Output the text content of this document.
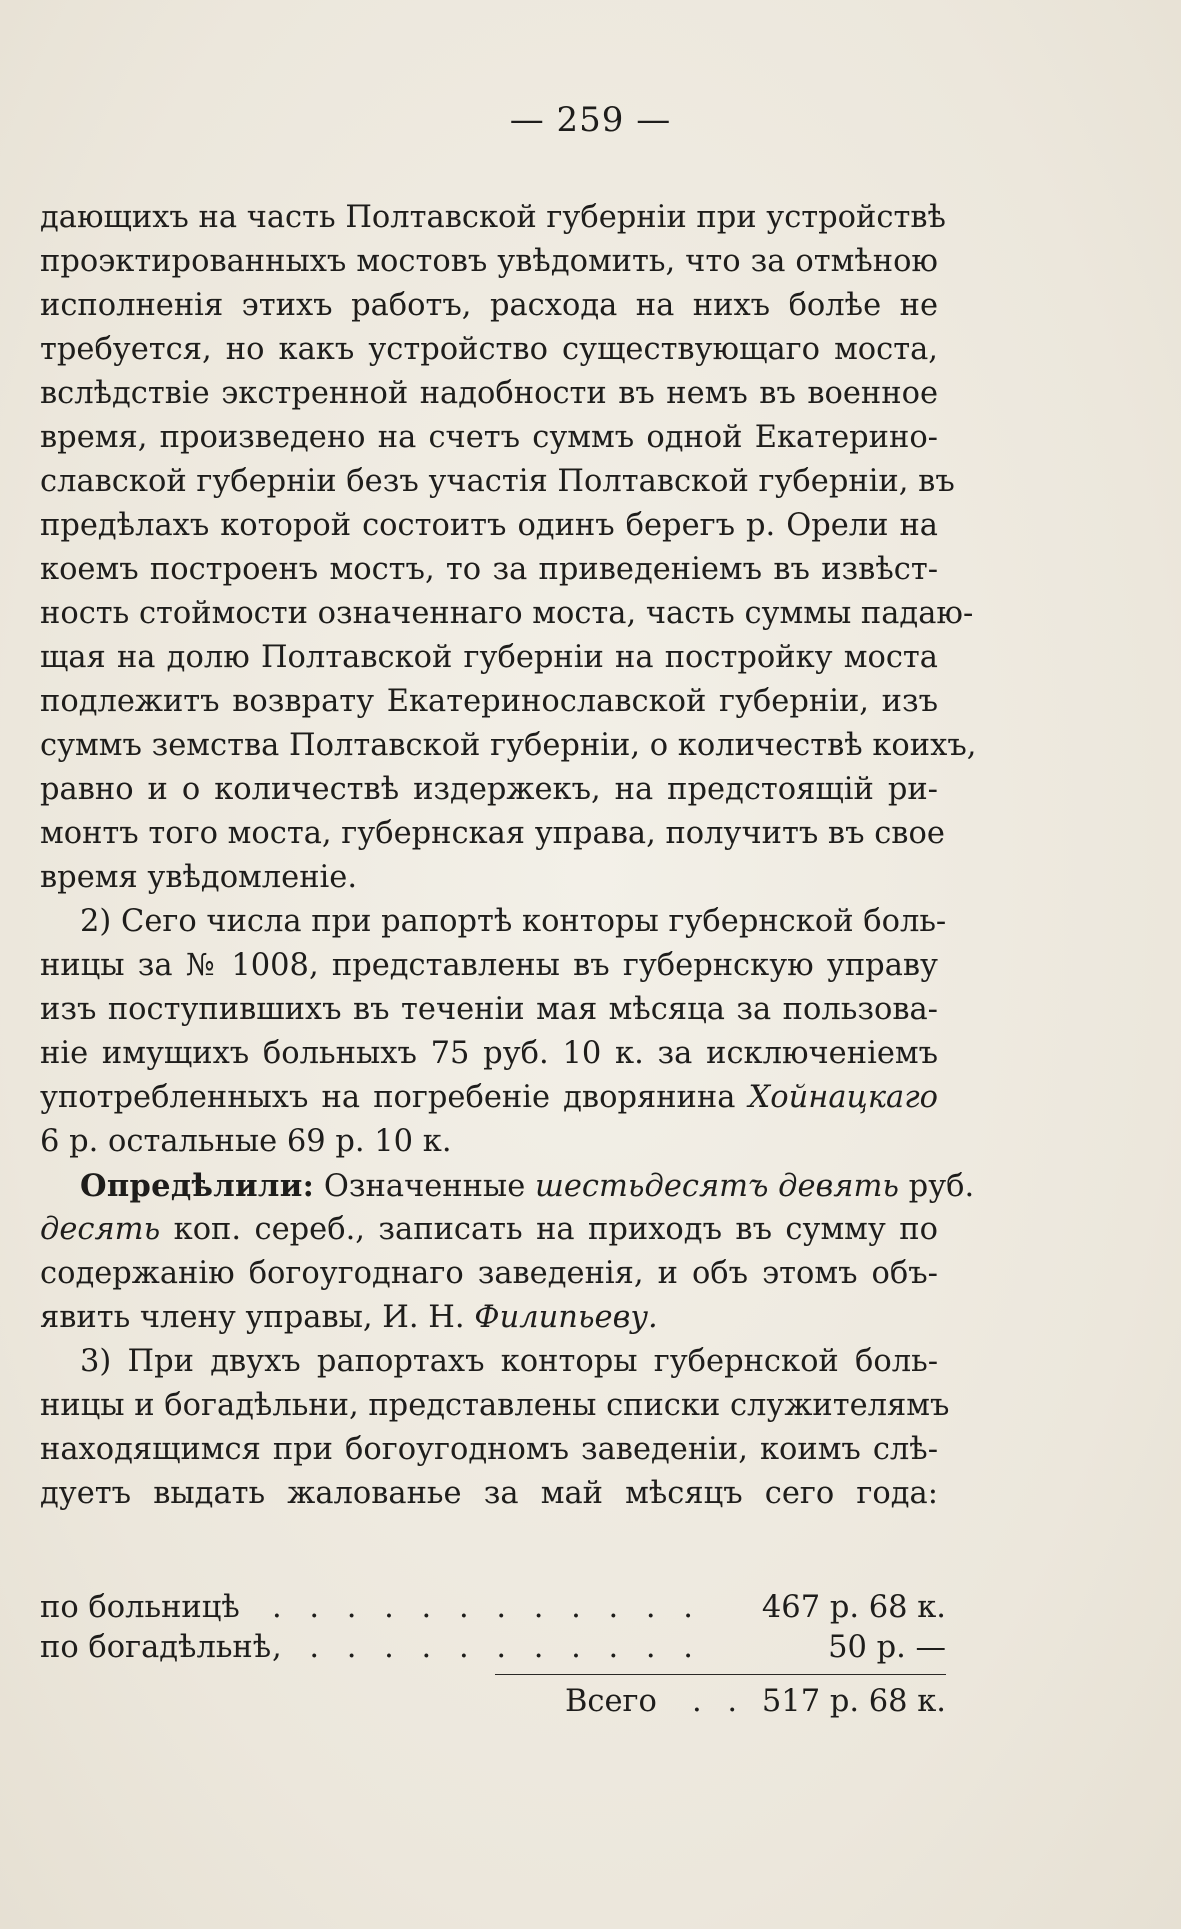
— 259 —
дающихъ на часть Полтавской губерніи при устройствѣ
проэктированныхъ мостовъ увѣдомить, что за отмѣною
исполненія этихъ работъ, расхода на нихъ болѣе не
требуется, но какъ устройство существующаго моста,
вслѣдствіе экстренной надобности въ немъ въ военное
время, произведено на счетъ суммъ одной Екатерино-
славской губерніи безъ участія Полтавской губерніи, въ
предѣлахъ которой состоитъ одинъ берегъ р. Орели на
коемъ построенъ мостъ, то за приведеніемъ въ извѣст-
ность стоймости означеннаго моста, часть суммы падаю-
щая на долю Полтавской губерніи на постройку моста
подлежитъ возврату Екатеринославской губерніи, изъ
суммъ земства Полтавской губерніи, о количествѣ коихъ,
равно и о количествѣ издержекъ, на предстоящій ри-
монтъ того моста, губернская управа, получитъ въ свое
время увѣдомленіе.
2) Сего числа при рапортѣ конторы губернской боль-
ницы за № 1008, представлены въ губернскую управу
изъ поступившихъ въ теченіи мая мѣсяца за пользова-
ніе имущихъ больныхъ 75 руб. 10 к. за исключеніемъ
употребленныхъ на погребеніе дворянина Хойнацкаго
6 р. остальные 69 р. 10 к.
Опредѣлили: Означенные шестьдесятъ девять руб.
десять коп. сереб., записать на приходъ въ сумму по
содержанію богоугоднаго заведенія, и объ этомъ объ-
явить члену управы, И. Н. Филипьеву.
3) При двухъ рапортахъ конторы губернской боль-
ницы и богадѣльни, представлены списки служителямъ
находящимся при богоугодномъ заведеніи, коимъ слѣ-
дуетъ выдать жалованье за май мѣсяцъ сего года:
по больницѣ . . . . . . . . . . . . 467 р. 68 к.
по богадѣльнѣ , . . . . . . . . . . .	50 р. —
Всего . . 517 р. 68 к.
